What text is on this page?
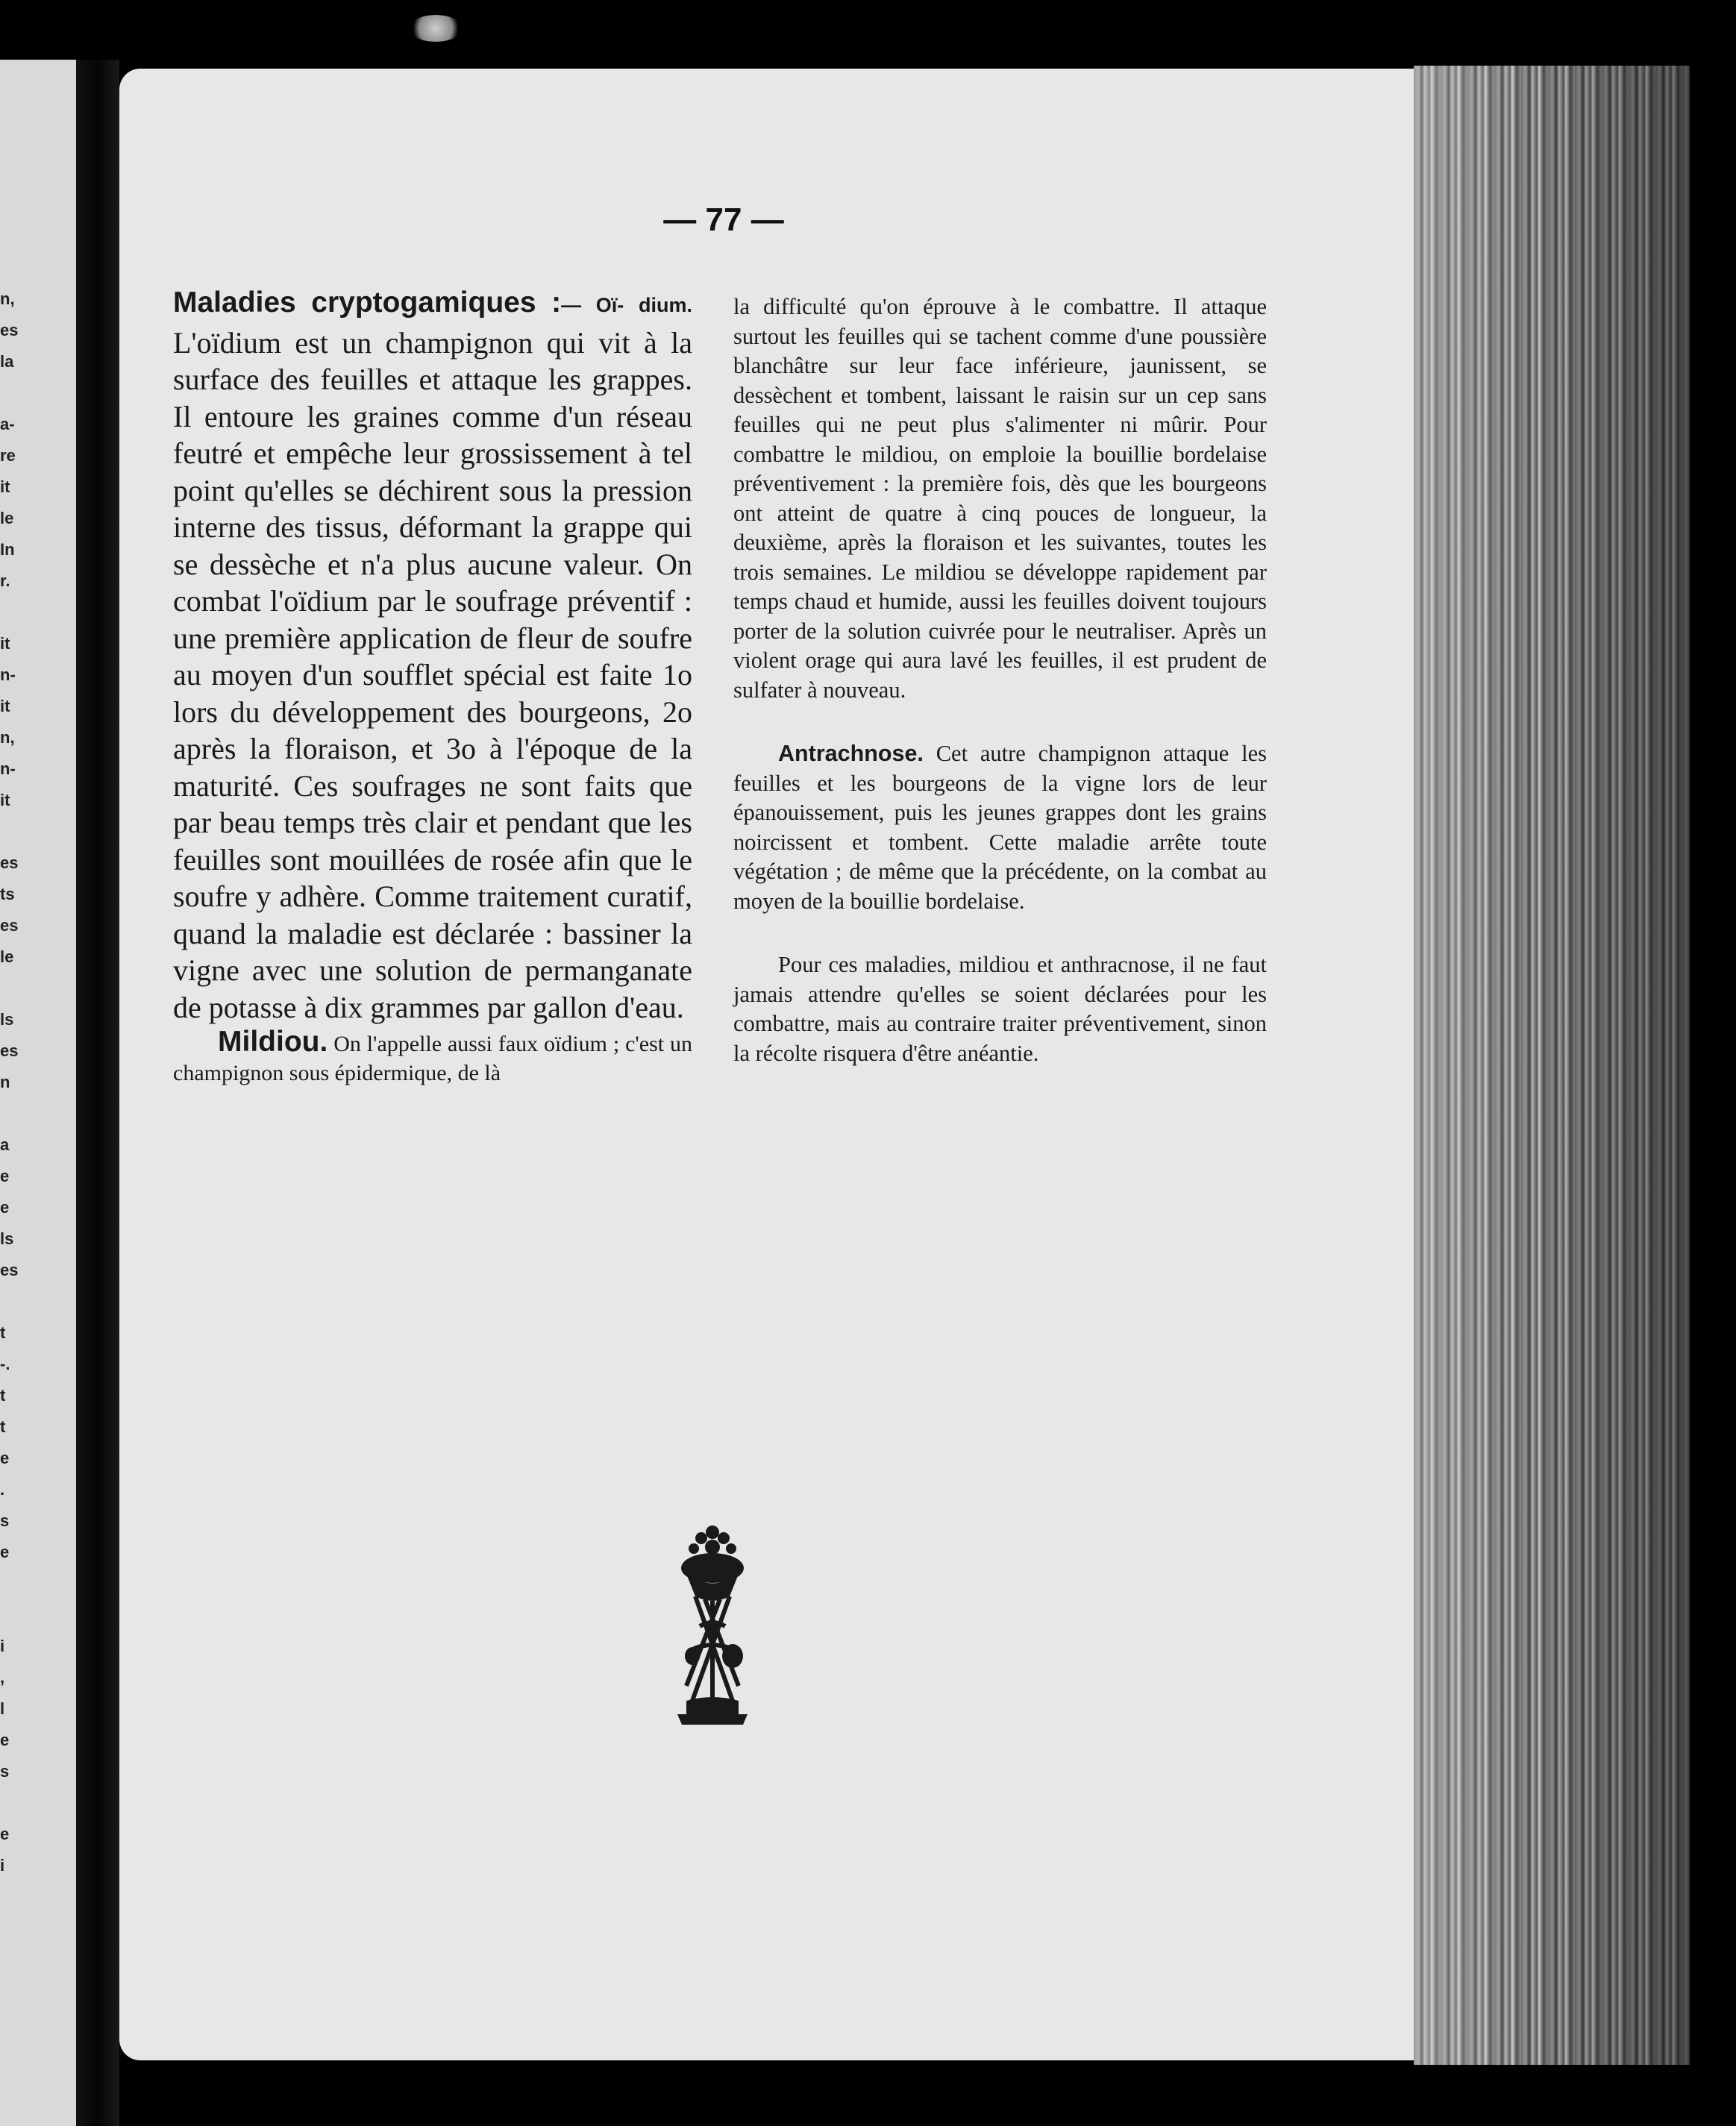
n,
es
la

a-
re
it
le
In
r.

it
n-
it
n,
n-
it

es
ts
es
le

ls
es
n

a
e
e
ls
es

t
-.
t
t
e
.
s
e

i
,
l
e
s

e
i
— 77 —

Maladies cryptogamiques :— Oï- dium. L'oïdium est un champignon qui vit à la surface des feuilles et attaque les grappes. Il entoure les graines comme d'un réseau feutré et empêche leur grossissement à tel point qu'elles se déchirent sous la pression interne des tissus, déformant la grappe qui se dessèche et n'a plus aucune valeur. On combat l'oïdium par le soufrage préventif : une première application de fleur de soufre au moyen d'un soufflet spécial est faite 1o lors du développement des bourgeons, 2o après la floraison, et 3o à l'époque de la maturité. Ces soufrages ne sont faits que par beau temps très clair et pendant que les feuilles sont mouillées de rosée afin que le soufre y adhère. Comme traitement curatif, quand la maladie est déclarée : bassiner la vigne avec une solution de permanganate de potasse à dix grammes par gallon d'eau.

Mildiou. On l'appelle aussi faux oïdium ; c'est un champignon sous épidermique, de là

la difficulté qu'on éprouve à le combattre. Il attaque surtout les feuilles qui se tachent comme d'une poussière blanchâtre sur leur face inférieure, jaunissent, se dessèchent et tombent, laissant le raisin sur un cep sans feuilles qui ne peut plus s'alimenter ni mûrir. Pour combattre le mildiou, on emploie la bouillie bordelaise préventivement : la première fois, dès que les bourgeons ont atteint de quatre à cinq pouces de longueur, la deuxième, après la floraison et les suivantes, toutes les trois semaines. Le mildiou se développe rapidement par temps chaud et humide, aussi les feuilles doivent toujours porter de la solution cuivrée pour le neutraliser. Après un violent orage qui aura lavé les feuilles, il est prudent de sulfater à nouveau.

Antrachnose. Cet autre champignon attaque les feuilles et les bourgeons de la vigne lors de leur épanouissement, puis les jeunes grappes dont les grains noircissent et tombent. Cette maladie arrête toute végétation ; de même que la précédente, on la combat au moyen de la bouillie bordelaise.

Pour ces maladies, mildiou et anthracnose, il ne faut jamais attendre qu'elles se soient déclarées pour les combattre, mais au contraire traiter préventivement, sinon la récolte risquera d'être anéantie.
